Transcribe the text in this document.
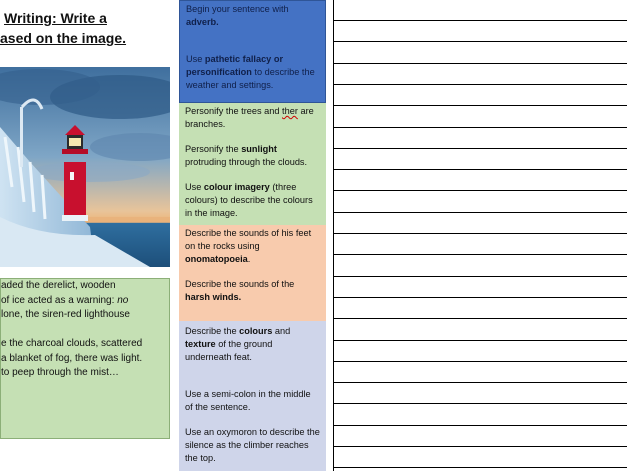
Writing: Write a
ased on the image.

aded the derelict, wooden

of ice acted as a warning: no

lone, the siren-red lighthouse

e the charcoal clouds, scattered

a blanket of fog, there was light.

to peep through the mist…

Begin your sentence with adverb.

Use pathetic fallacy or personification to describe the weather and settings.

Personify the trees and ther are branches.

Personify the sunlight protruding through the clouds.

Use colour imagery (three colours) to describe the colours in the image.

Describe the sounds of his feet on the rocks using onomatopoeia.

Describe the sounds of the harsh winds.

Describe the colours and texture of the ground underneath feat.

Use a semi-colon in the middle of the sentence.

Use an oxymoron to describe the silence as the climber reaches the top.
